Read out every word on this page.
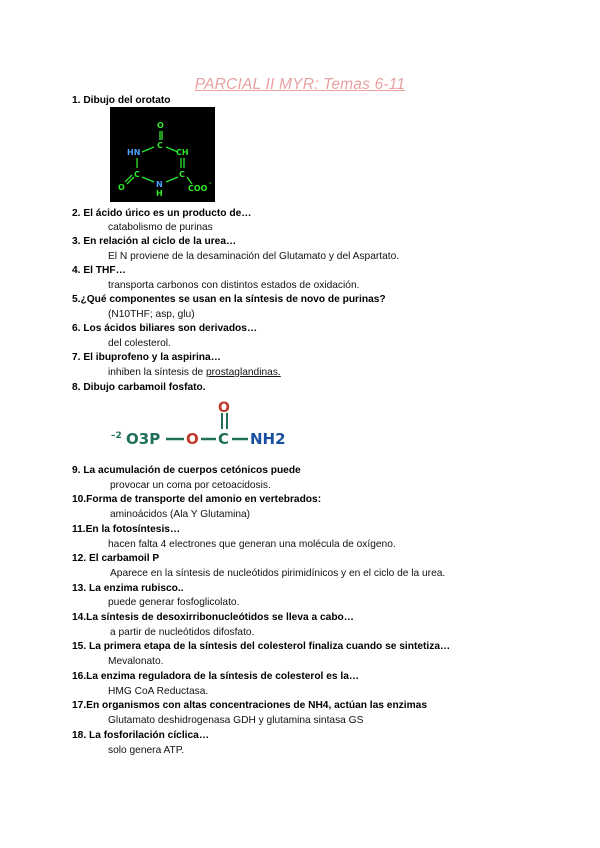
PARCIAL II MYR: Temas 6-11
1. Dibujo del orotato
O
C
HN	CH
C	C
N
H
O	COO
-
2. El ácido úrico es un producto de…
catabolismo de purinas
3. En relación al ciclo de la urea…
El N proviene de la desaminación del Glutamato y del Aspartato.
4. El THF…
transporta carbonos con distintos estados de oxidación.
5.¿Qué componentes se usan en la síntesis de novo de purinas?
(N10THF; asp, glu)
6. Los ácidos biliares son derivados…
del colesterol.
7. El ibuprofeno y la aspirina…
inhiben la síntesis de prostaglandinas.
8. Dibujo carbamoil fosfato.
–2 O3P O C
O
NH2
9. La acumulación de cuerpos cetónicos puede
provocar un coma por cetoacidosis.
10.Forma de transporte del amonio en vertebrados:
aminoácidos (Ala Y Glutamina)
11.En la fotosíntesis…
hacen falta 4 electrones que generan una molécula de oxígeno.
12. El carbamoil P
Aparece en la síntesis de nucleótidos pirimidínicos y en el ciclo de la urea.
13. La enzima rubisco..
puede generar fosfoglicolato.
14.La síntesis de desoxirribonucleótidos se lleva a cabo…
a partir de nucleótidos difosfato.
15. La primera etapa de la síntesis del colesterol finaliza cuando se sintetiza…
Mevalonato.
16.La enzima reguladora de la síntesis de colesterol es la…
HMG CoA Reductasa.
17.En organismos con altas concentraciones de NH4, actúan las enzimas
Glutamato deshidrogenasa GDH y glutamina sintasa GS
18. La fosforilación cíclica…
solo genera ATP.
